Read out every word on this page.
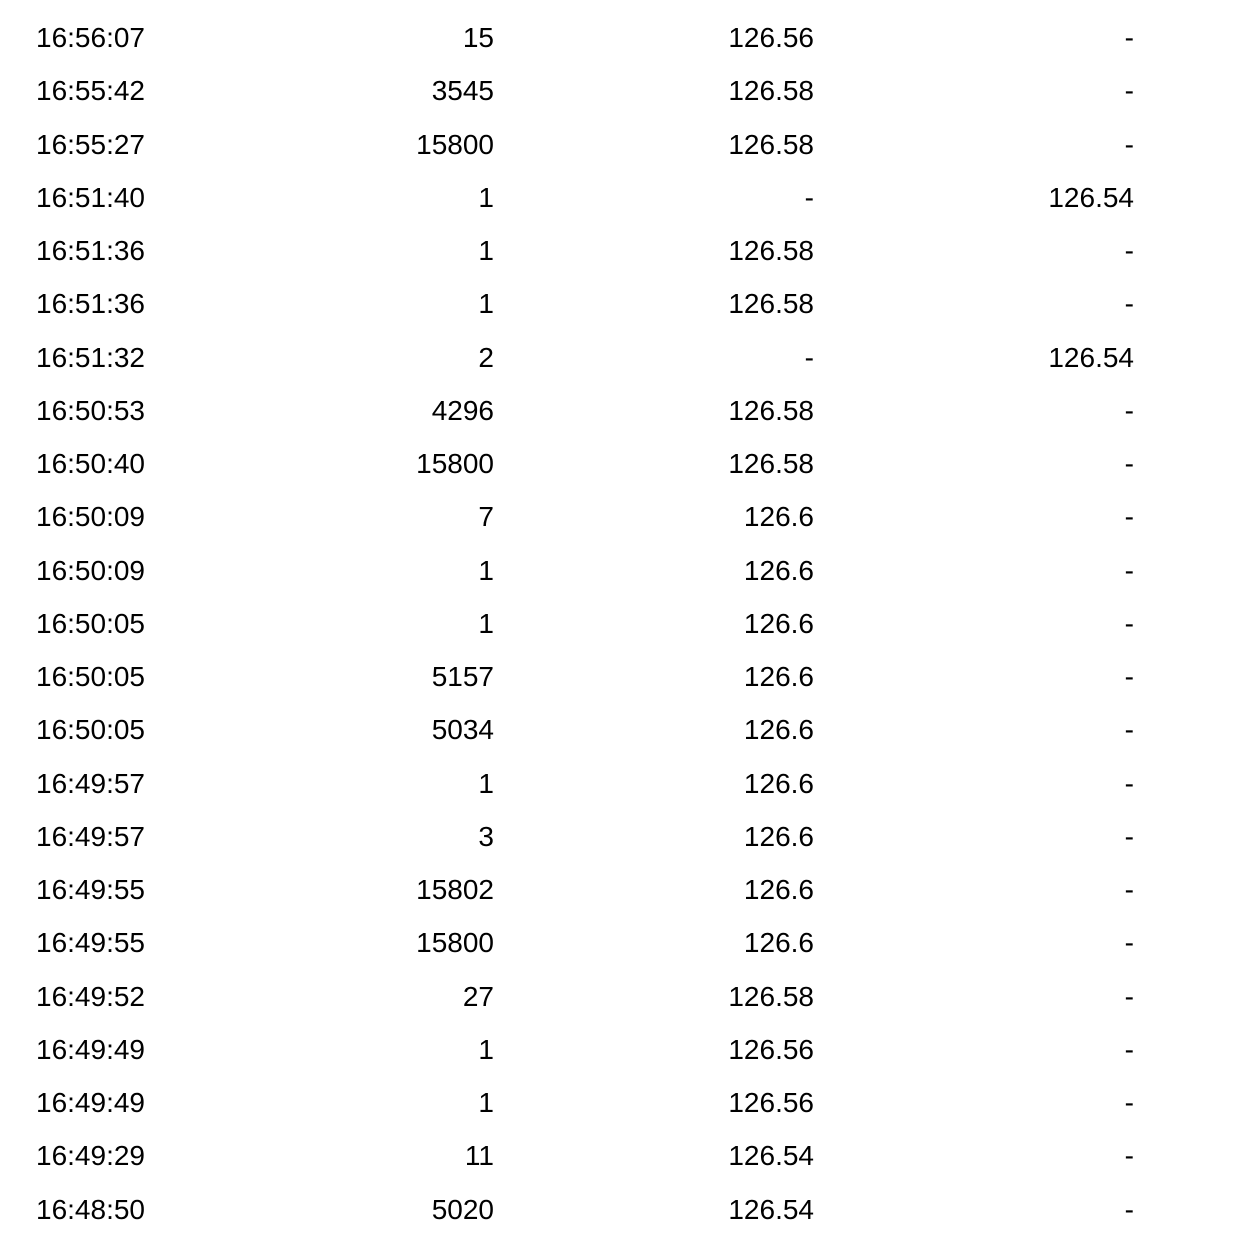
16:56:07	15	126.56	-
16:55:42	3545	126.58	-
16:55:27	15800	126.58	-
16:51:40	1	-	126.54
16:51:36	1	126.58	-
16:51:36	1	126.58	-
16:51:32	2	-	126.54
16:50:53	4296	126.58	-
16:50:40	15800	126.58	-
16:50:09	7	126.6	-
16:50:09	1	126.6	-
16:50:05	1	126.6	-
16:50:05	5157	126.6	-
16:50:05	5034	126.6	-
16:49:57	1	126.6	-
16:49:57	3	126.6	-
16:49:55	15802	126.6	-
16:49:55	15800	126.6	-
16:49:52	27	126.58	-
16:49:49	1	126.56	-
16:49:49	1	126.56	-
16:49:29	11	126.54	-
16:48:50	5020	126.54	-
